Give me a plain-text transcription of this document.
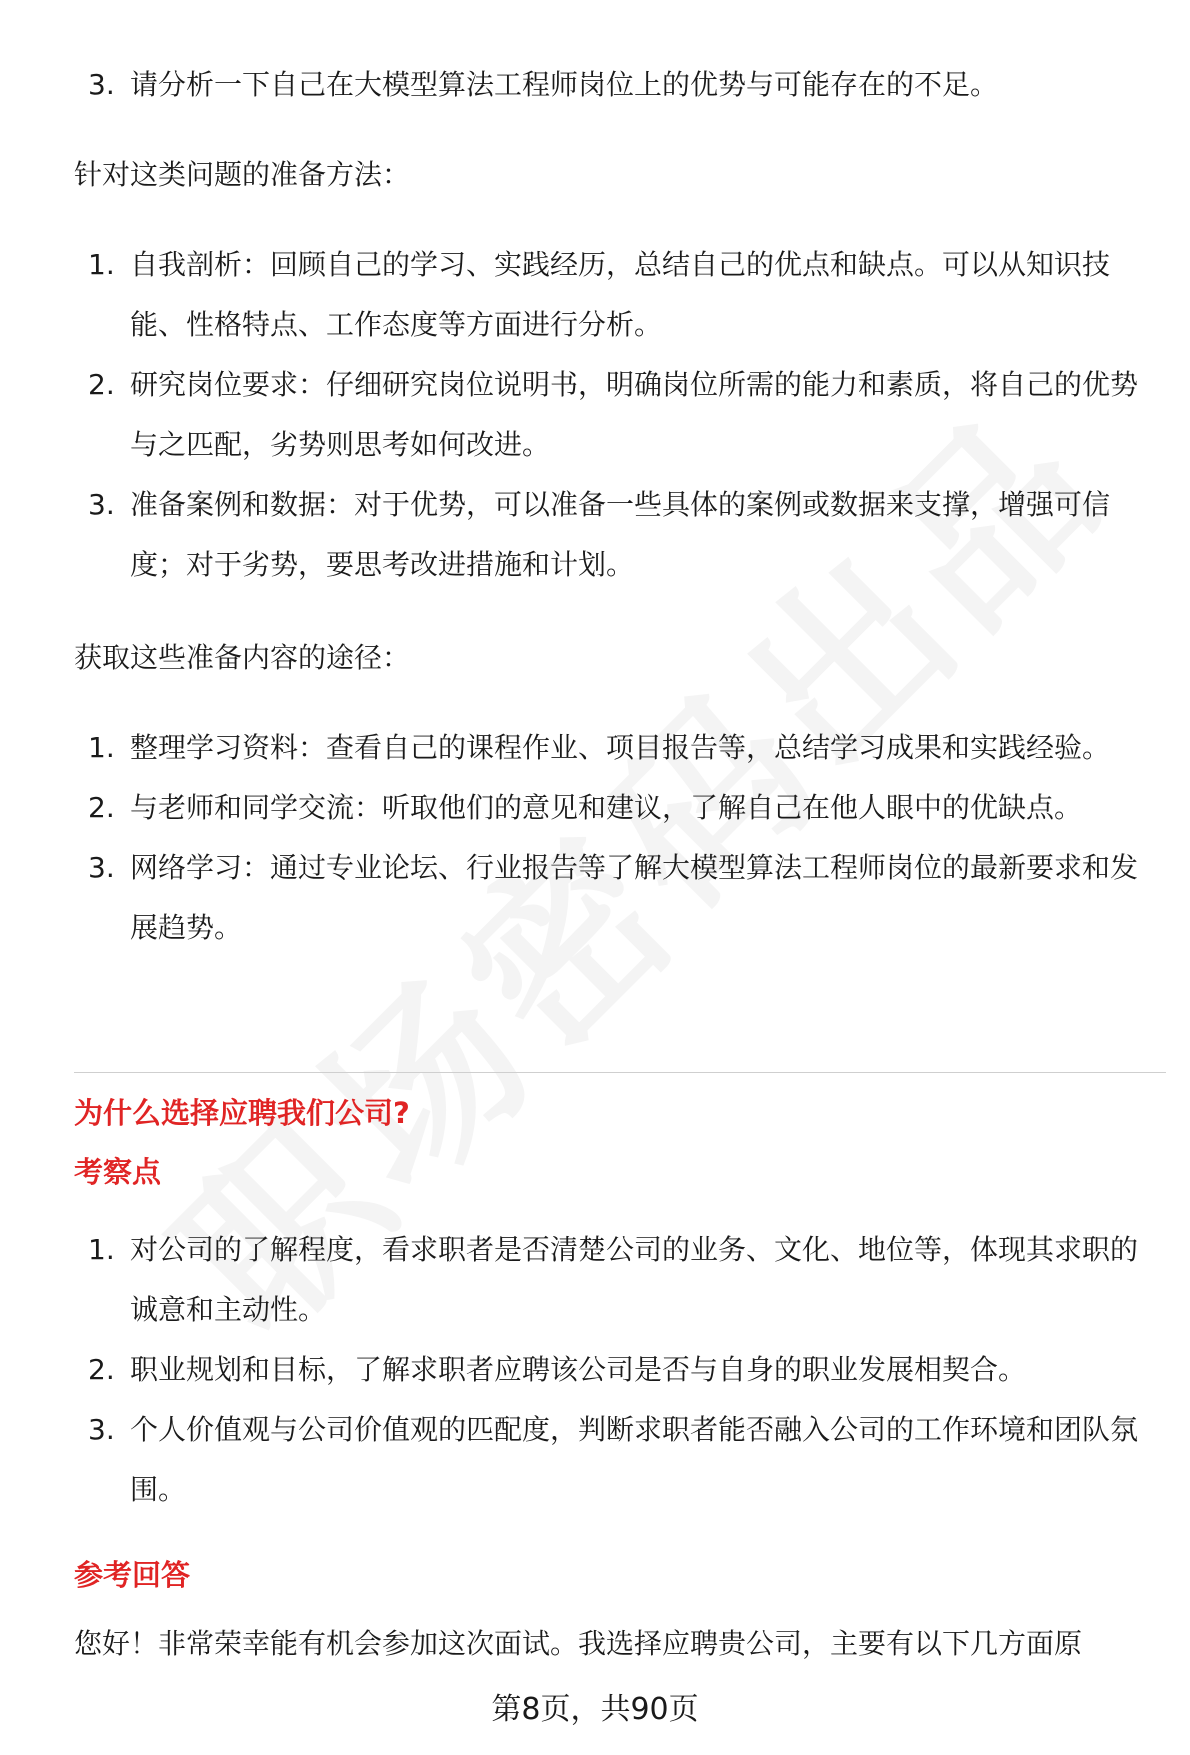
3. 请分析一下自己在大模型算法工程师岗位上的优势与可能存在的不足。
针对这类问题的准备方法：
1. 自我剖析：回顾自己的学习、实践经历，总结自己的优点和缺点。可以从知识技能、性格特点、工作态度等方面进行分析。
2. 研究岗位要求：仔细研究岗位说明书，明确岗位所需的能力和素质，将自己的优势与之匹配，劣势则思考如何改进。
3. 准备案例和数据：对于优势，可以准备一些具体的案例或数据来支撑，增强可信度；对于劣势，要思考改进措施和计划。
获取这些准备内容的途径：
1. 整理学习资料：查看自己的课程作业、项目报告等，总结学习成果和实践经验。
2. 与老师和同学交流：听取他们的意见和建议，了解自己在他人眼中的优缺点。
3. 网络学习：通过专业论坛、行业报告等了解大模型算法工程师岗位的最新要求和发展趋势。
为什么选择应聘我们公司?
考察点
1. 对公司的了解程度，看求职者是否清楚公司的业务、文化、地位等，体现其求职的诚意和主动性。
2. 职业规划和目标，了解求职者应聘该公司是否与自身的职业发展相契合。
3. 个人价值观与公司价值观的匹配度，判断求职者能否融入公司的工作环境和团队氛围。
参考回答
您好！非常荣幸能有机会参加这次面试。我选择应聘贵公司，主要有以下几方面原
第8页，共90页
